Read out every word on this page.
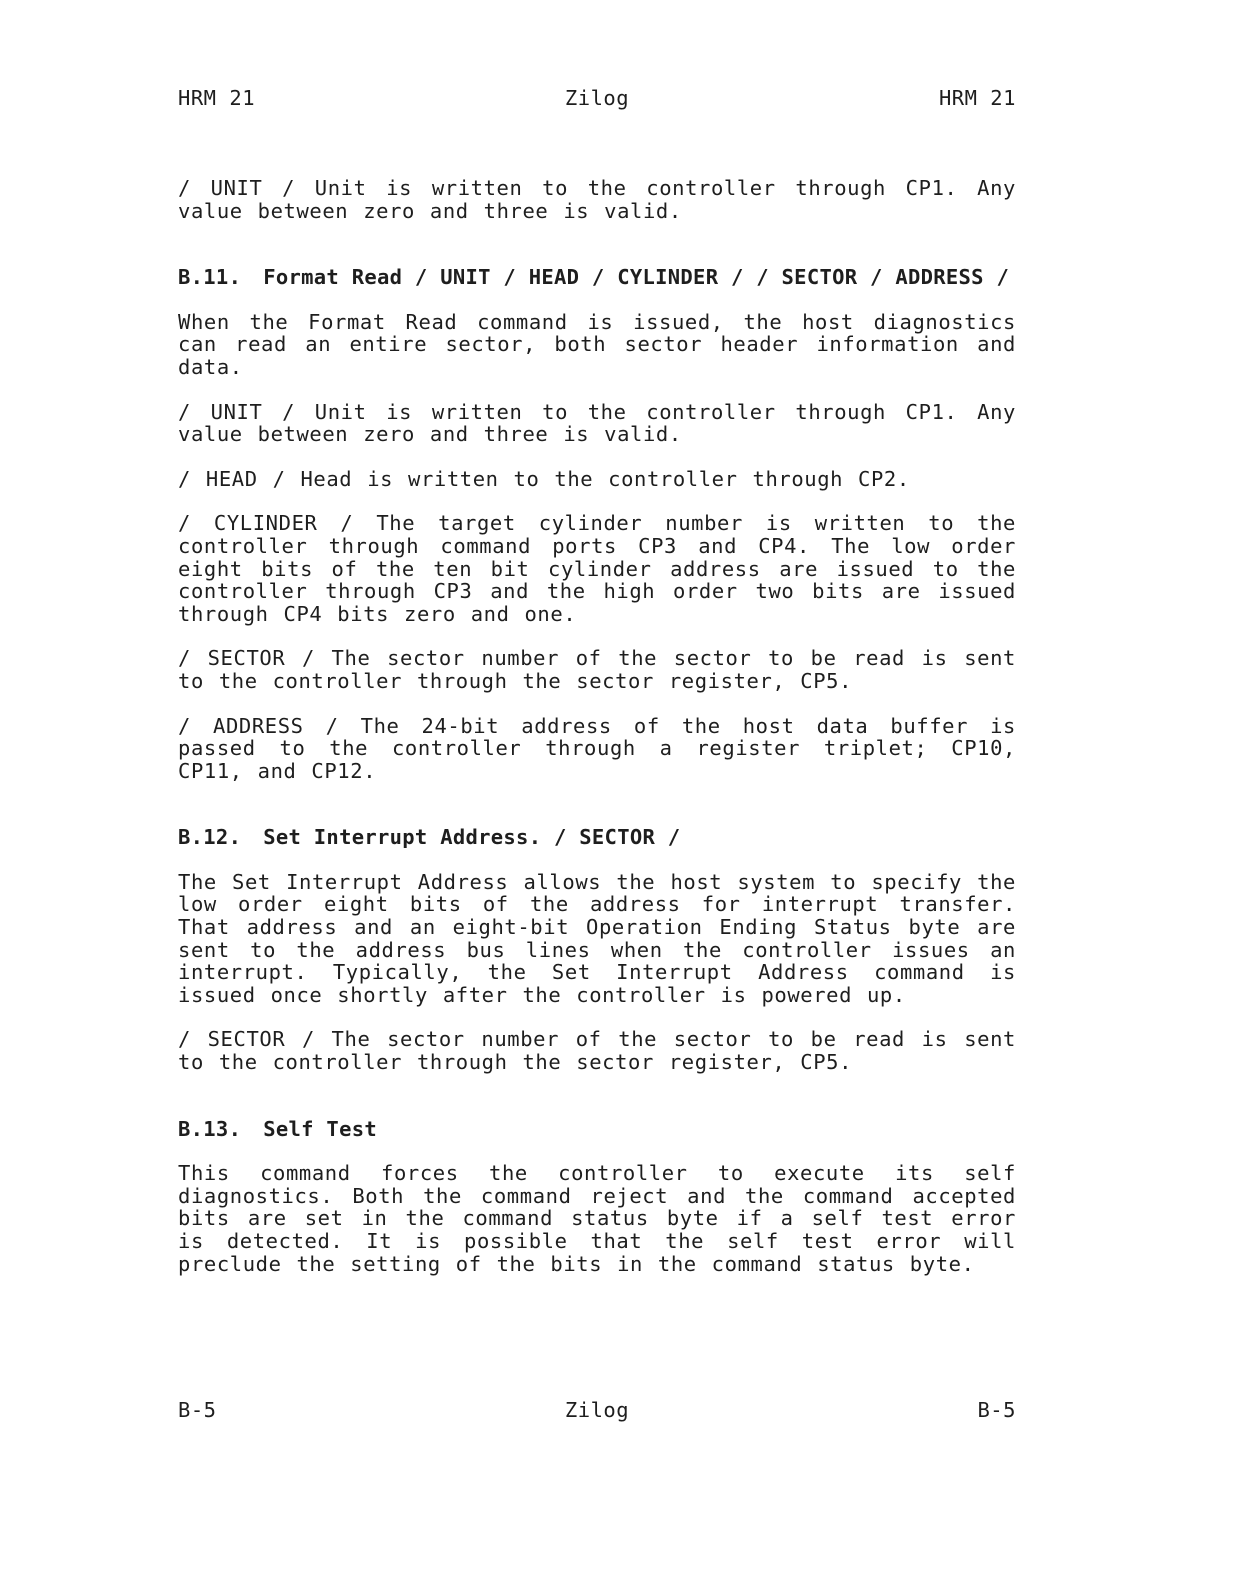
HRM 21	Zilog	HRM 21

/ UNIT / Unit is written to the controller through CP1. Any value between zero and three is valid.

B.11. Format Read / UNIT / HEAD / CYLINDER / / SECTOR / ADDRESS /

When the Format Read command is issued, the host diagnostics can read an entire sector, both sector header information and data.

/ UNIT / Unit is written to the controller through CP1. Any value between zero and three is valid.

/ HEAD / Head is written to the controller through CP2.

/ CYLINDER / The target cylinder number is written to the controller through command ports CP3 and CP4. The low order eight bits of the ten bit cylinder address are issued to the controller through CP3 and the high order two bits are issued through CP4 bits zero and one.

/ SECTOR / The sector number of the sector to be read is sent to the controller through the sector register, CP5.

/ ADDRESS / The 24-bit address of the host data buffer is passed to the controller through a register triplet; CP10, CP11, and CP12.

B.12. Set Interrupt Address. / SECTOR /

The Set Interrupt Address allows the host system to specify the low order eight bits of the address for interrupt transfer. That address and an eight-bit Operation Ending Status byte are sent to the address bus lines when the controller issues an interrupt. Typically, the Set Interrupt Address command is issued once shortly after the controller is powered up.

/ SECTOR / The sector number of the sector to be read is sent to the controller through the sector register, CP5.

B.13. Self Test

This command forces the controller to execute its self diagnostics. Both the command reject and the command accepted bits are set in the command status byte if a self test error is detected. It is possible that the self test error will preclude the setting of the bits in the command status byte.

B-5	Zilog	B-5
